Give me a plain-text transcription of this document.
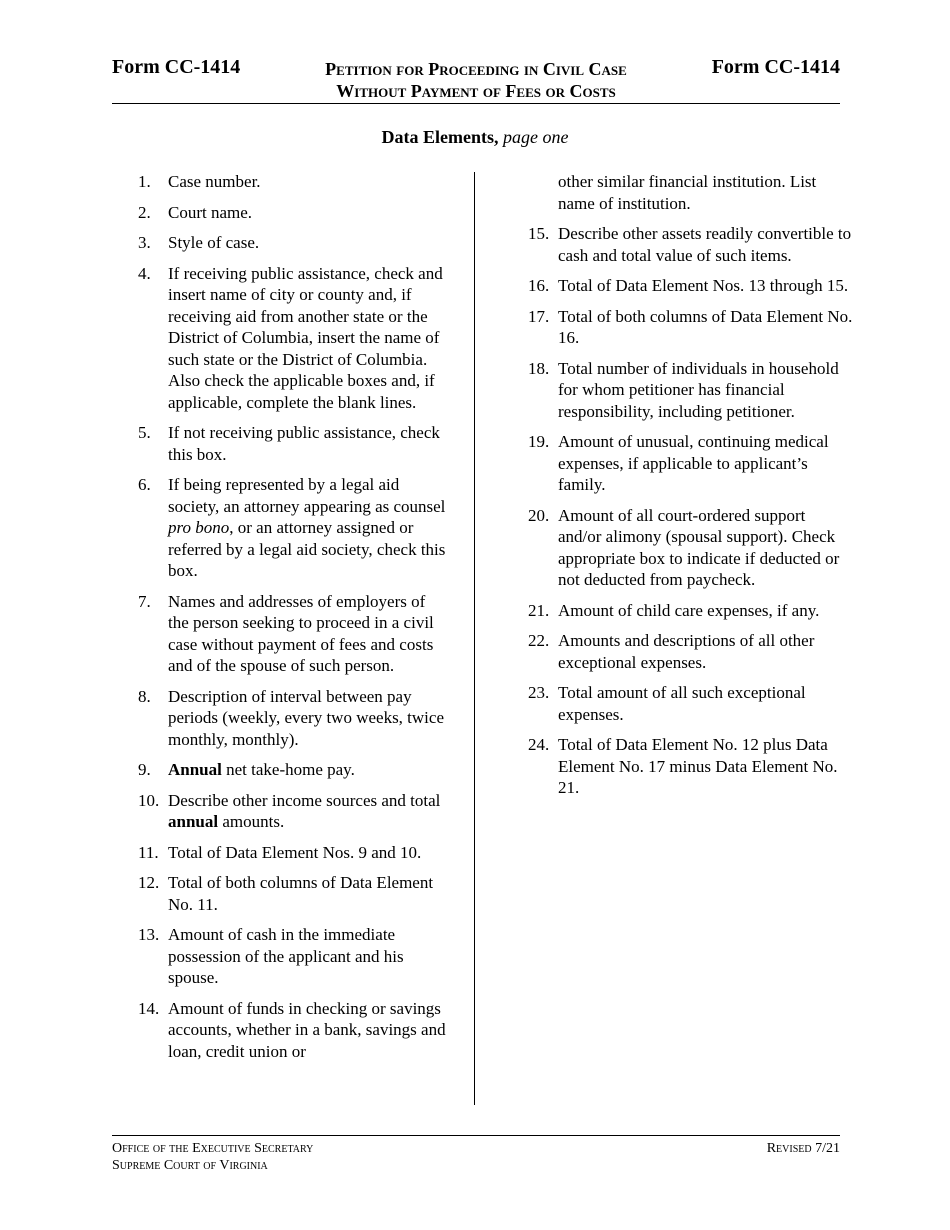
Form CC-1414	Petition for Proceeding in Civil Case
Without Payment of Fees or Costs
Form CC-1414
Data Elements, page one
1. Case number.
2. Court name.
3. Style of case.
4. If receiving public assistance, check and insert name of city or county and, if receiving aid from another state or the District of Columbia, insert the name of such state or the District of Columbia. Also check the applicable boxes and, if applicable, complete the blank lines.
5. If not receiving public assistance, check this box.
6. If being represented by a legal aid society, an attorney appearing as counsel pro bono, or an attorney assigned or referred by a legal aid society, check this box.
7. Names and addresses of employers of the person seeking to proceed in a civil case without payment of fees and costs and of the spouse of such person.
8. Description of interval between pay periods (weekly, every two weeks, twice monthly, monthly).
9. Annual net take-home pay.
10. Describe other income sources and total annual amounts.
11. Total of Data Element Nos. 9 and 10.
12. Total of both columns of Data Element No. 11.
13. Amount of cash in the immediate possession of the applicant and his spouse.
14. Amount of funds in checking or savings accounts, whether in a bank, savings and loan, credit union or
other similar financial institution. List name of institution.
15. Describe other assets readily convertible to cash and total value of such items.
16. Total of Data Element Nos. 13 through 15.
17. Total of both columns of Data Element No. 16.
18. Total number of individuals in household for whom petitioner has financial responsibility, including petitioner.
19. Amount of unusual, continuing medical expenses, if applicable to applicant’s family.
20. Amount of all court-ordered support and/or alimony (spousal support). Check appropriate box to indicate if deducted or not deducted from paycheck.
21. Amount of child care expenses, if any.
22. Amounts and descriptions of all other exceptional expenses.
23. Total amount of all such exceptional expenses.
24. Total of Data Element No. 12 plus Data Element No. 17 minus Data Element No. 21.
Office of the Executive Secretary
Supreme Court of Virginia
Revised 7/21
